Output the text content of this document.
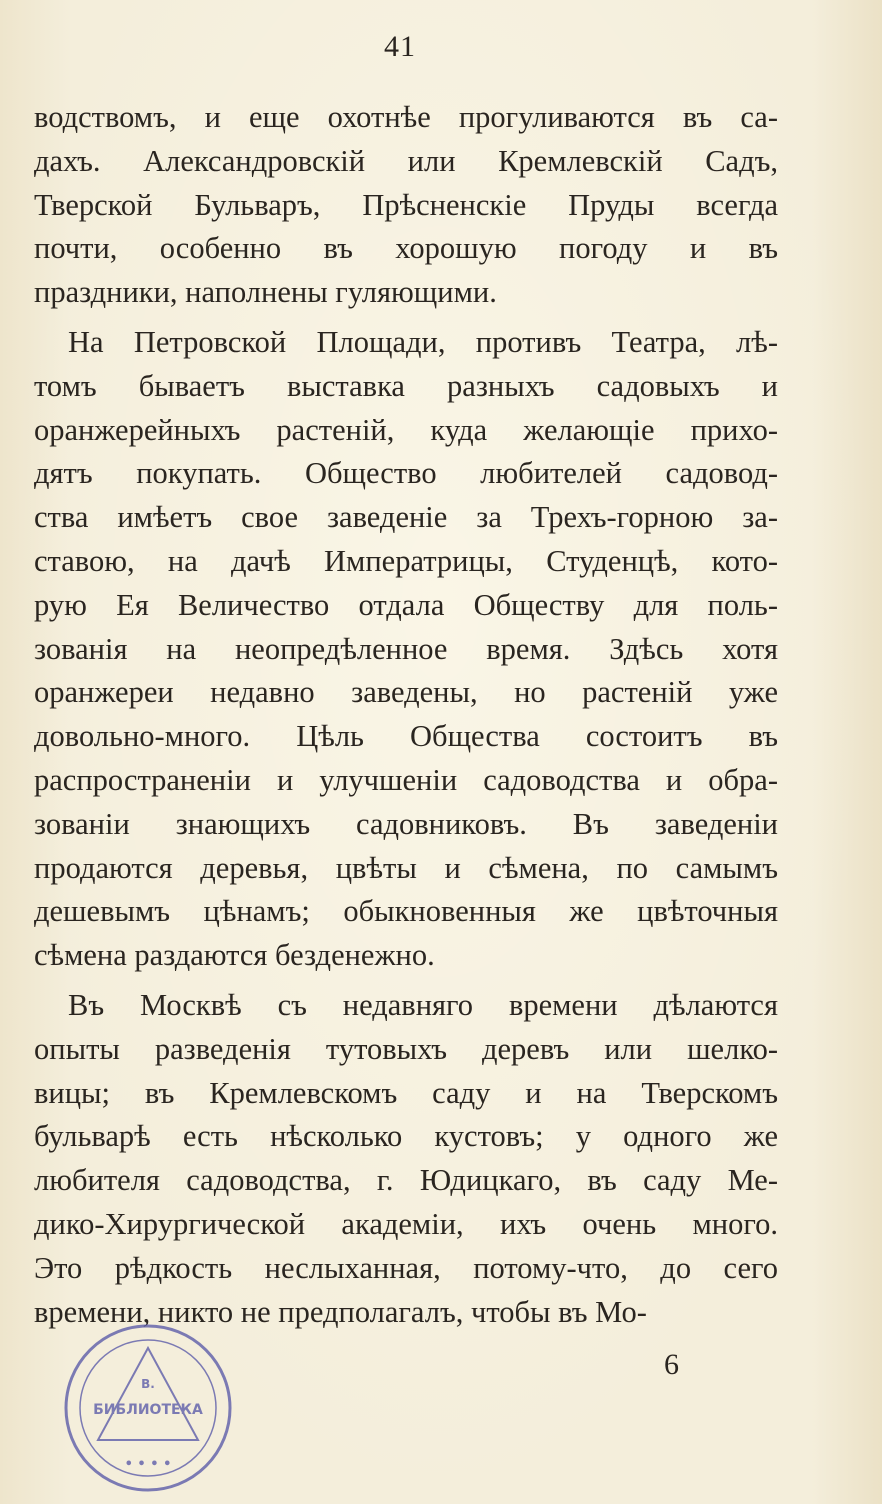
41
водствомъ, и еще охотнѣе прогуливаются въ са-
дахъ. Александровскій или Кремлевскій Садъ,
Тверской Бульваръ, Прѣсненскіе Пруды всегда
почти, особенно въ хорошую погоду и въ
праздники, наполнены гуляющими.
На Петровской Площади, противъ Театра, лѣ-
томъ бываетъ выставка разныхъ садовыхъ и
оранжерейныхъ растеній, куда желающіе прихо-
дятъ покупать. Общество любителей садовод-
ства имѣетъ свое заведеніе за Трехъ-горною за-
ставою, на дачѣ Императрицы, Студенцѣ, кото-
рую Ея Величество отдала Обществу для поль-
зованія на неопредѣленное время. Здѣсь хотя
оранжереи недавно заведены, но растеній уже
довольно-много. Цѣль Общества состоитъ въ
распространеніи и улучшеніи садоводства и обра-
зованіи знающихъ садовниковъ. Въ заведеніи
продаются деревья, цвѣты и сѣмена, по самымъ
дешевымъ цѣнамъ; обыкновенныя же цвѣточныя
сѣмена раздаются безденежно.
Въ Москвѣ съ недавняго времени дѣлаются
опыты разведенія тутовыхъ деревъ или шелко-
вицы; въ Кремлевскомъ саду и на Тверскомъ
бульварѣ есть нѣсколько кустовъ; у одного же
любителя садоводства, г. Юдицкаго, въ саду Ме-
дико-Хирургической академіи, ихъ очень много.
Это рѣдкость неслыханная, потому-что, до сего
времени, никто не предполагалъ, чтобы въ Мо-
6
БИБЛИОТЕКА
• • • •
В.
